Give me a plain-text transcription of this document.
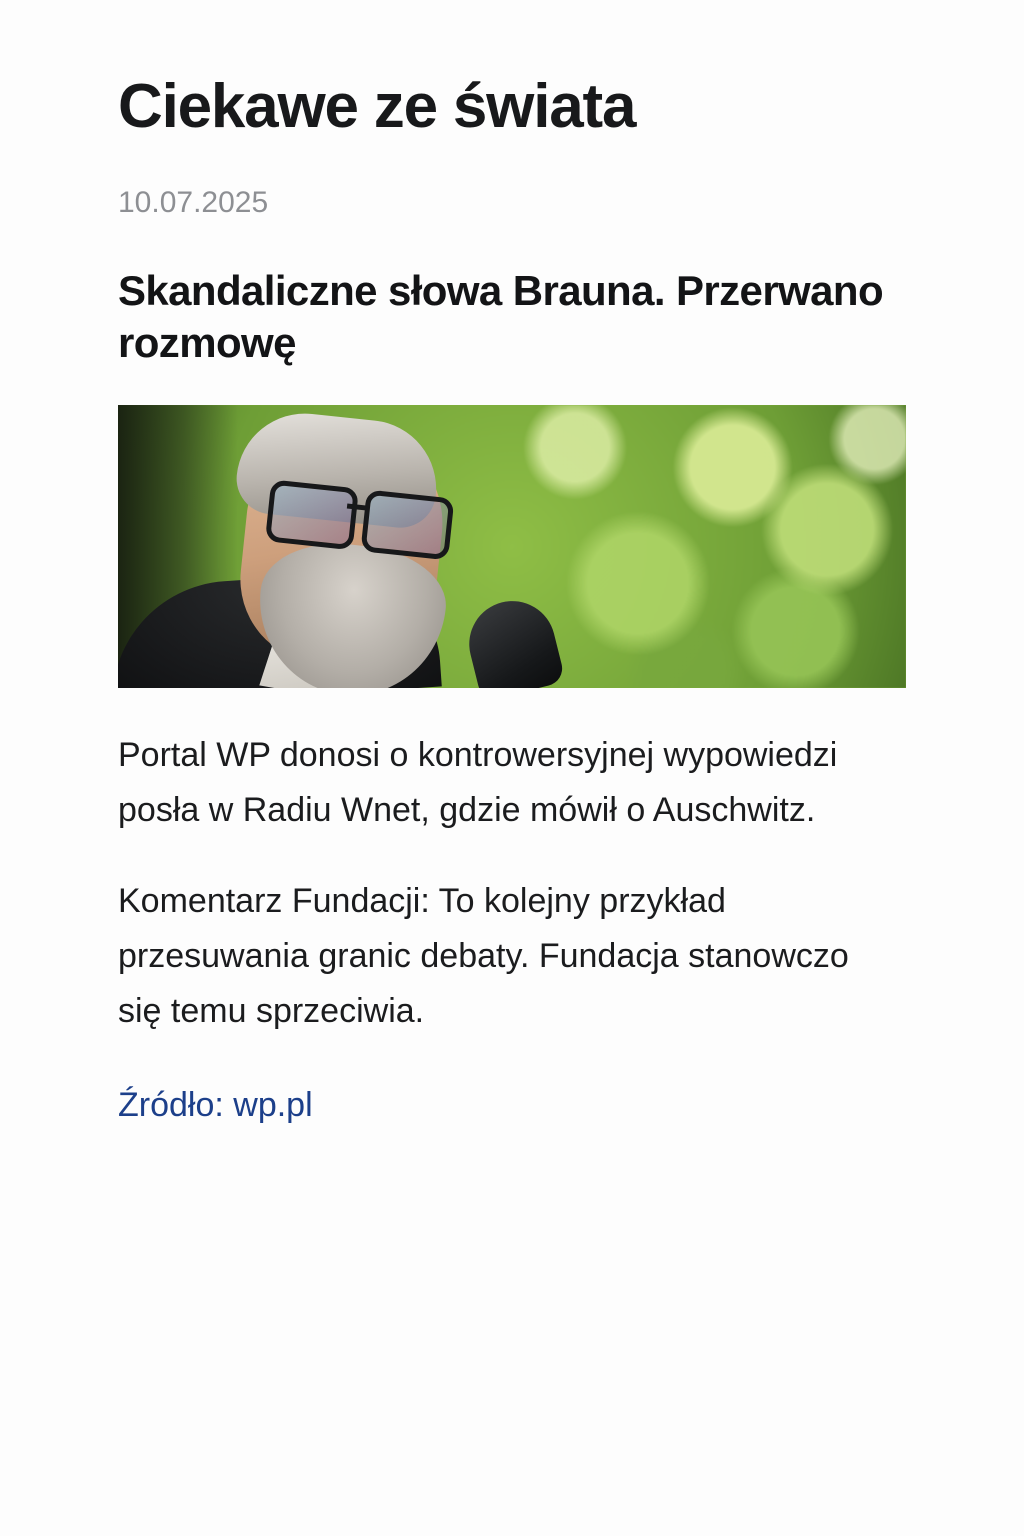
Ciekawe ze świata

10.07.2025

Skandaliczne słowa Brauna. Przerwano rozmowę

Portal WP donosi o kontrowersyjnej wypowiedzi posła w Radiu Wnet, gdzie mówił o Auschwitz.

Komentarz Fundacji: To kolejny przykład przesuwania granic debaty. Fundacja stanowczo się temu sprzeciwia.

Źródło: wp.pl
